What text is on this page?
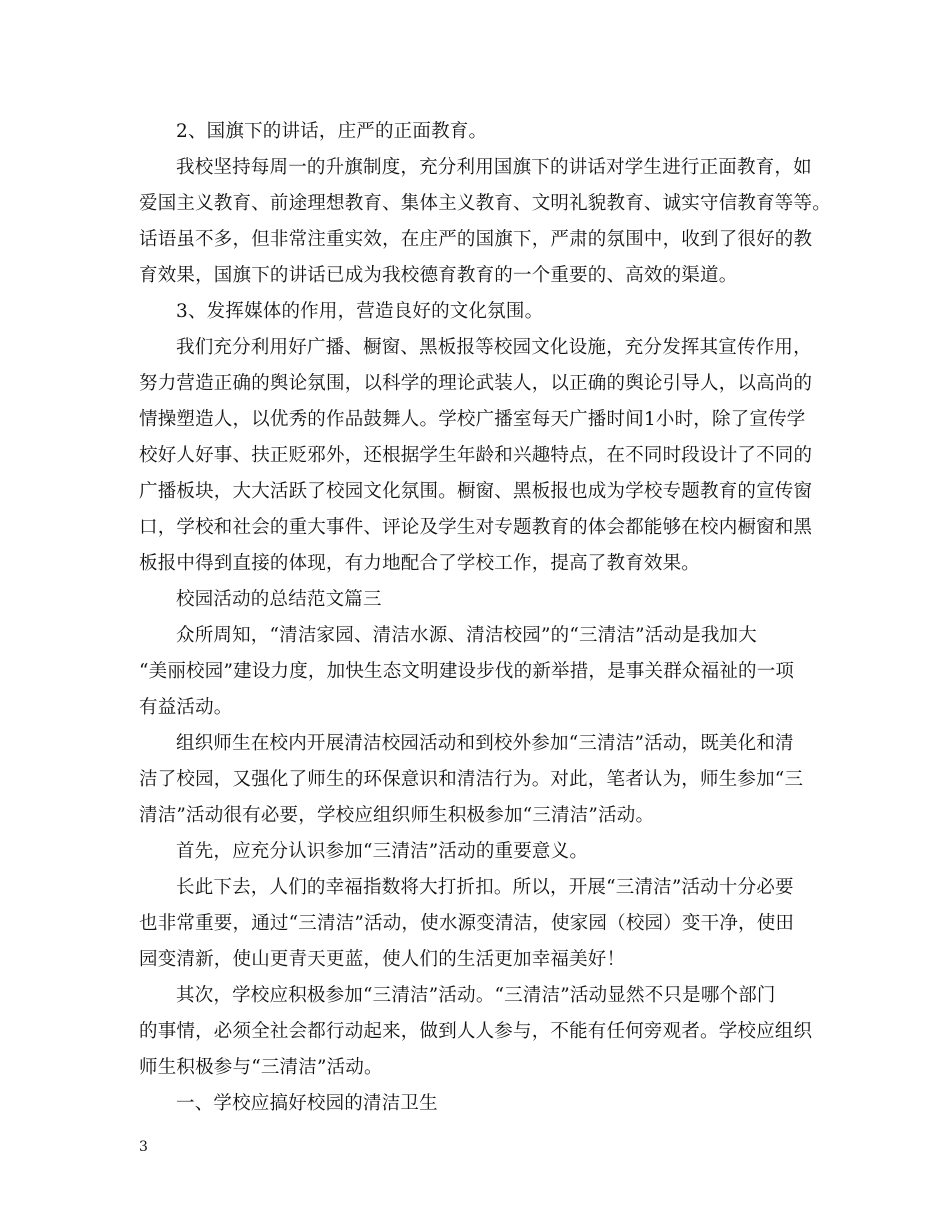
2、国旗下的讲话，庄严的正面教育。
我校坚持每周一的升旗制度，充分利用国旗下的讲话对学生进行正面教育，如
爱国主义教育、前途理想教育、集体主义教育、文明礼貌教育、诚实守信教育等等。
话语虽不多，但非常注重实效，在庄严的国旗下，严肃的氛围中，收到了很好的教
育效果，国旗下的讲话已成为我校德育教育的一个重要的、高效的渠道。
3、发挥媒体的作用，营造良好的文化氛围。
我们充分利用好广播、橱窗、黑板报等校园文化设施，充分发挥其宣传作用，
努力营造正确的舆论氛围，以科学的理论武装人，以正确的舆论引导人，以高尚的
情操塑造人，以优秀的作品鼓舞人。学校广播室每天广播时间1小时，除了宣传学
校好人好事、扶正贬邪外，还根据学生年龄和兴趣特点，在不同时段设计了不同的
广播板块，大大活跃了校园文化氛围。橱窗、黑板报也成为学校专题教育的宣传窗
口，学校和社会的重大事件、评论及学生对专题教育的体会都能够在校内橱窗和黑
板报中得到直接的体现，有力地配合了学校工作，提高了教育效果。
校园活动的总结范文篇三
众所周知，“清洁家园、清洁水源、清洁校园”的“三清洁”活动是我加大
“美丽校园”建设力度，加快生态文明建设步伐的新举措，是事关群众福祉的一项
有益活动。
组织师生在校内开展清洁校园活动和到校外参加“三清洁”活动，既美化和清
洁了校园，又强化了师生的环保意识和清洁行为。对此，笔者认为，师生参加“三
清洁”活动很有必要，学校应组织师生积极参加“三清洁”活动。
首先，应充分认识参加“三清洁”活动的重要意义。
长此下去，人们的幸福指数将大打折扣。所以，开展“三清洁”活动十分必要
也非常重要，通过“三清洁”活动，使水源变清洁，使家园（校园）变干净，使田
园变清新，使山更青天更蓝，使人们的生活更加幸福美好！
其次，学校应积极参加“三清洁”活动。“三清洁”活动显然不只是哪个部门
的事情，必须全社会都行动起来，做到人人参与，不能有任何旁观者。学校应组织
师生积极参与“三清洁”活动。
一、学校应搞好校园的清洁卫生
3
